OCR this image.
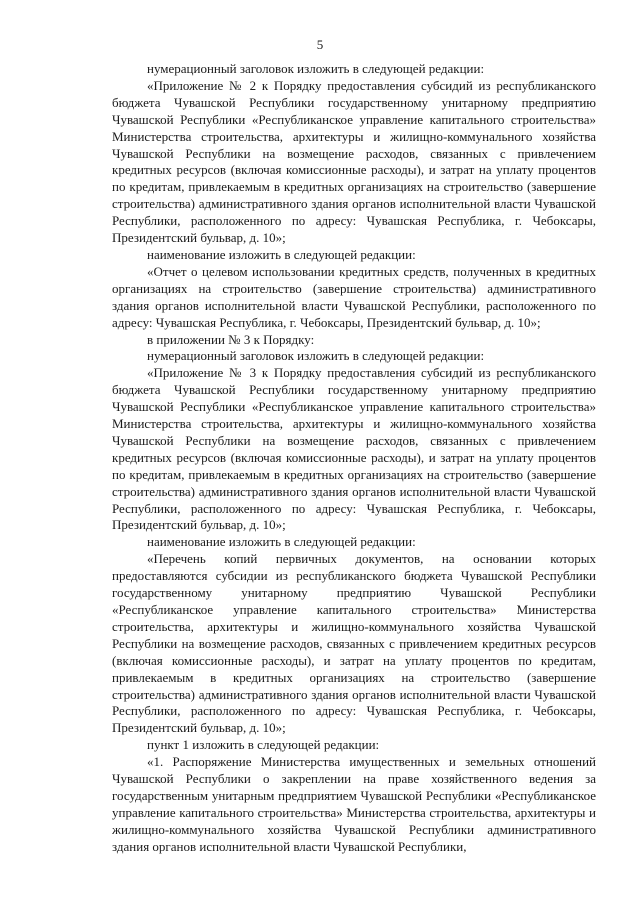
5

нумерационный заголовок изложить в следующей редакции:

«Приложение № 2 к Порядку предоставления субсидий из республиканского бюджета Чувашской Республики государственному унитарному предприятию Чувашской Республики «Республиканское управление капитального строительства» Министерства строительства, архитектуры и жилищно-коммунального хозяйства Чувашской Республики на возмещение расходов, связанных с привлечением кредитных ресурсов (включая комиссионные расходы), и затрат на уплату процентов по кредитам, привлекаемым в кредитных организациях на строительство (завершение строительства) административного здания органов исполнительной власти Чувашской Республики, расположенного по адресу: Чувашская Республика, г. Чебоксары, Президентский бульвар, д. 10»;

наименование изложить в следующей редакции:

«Отчет о целевом использовании кредитных средств, полученных в кредитных организациях на строительство (завершение строительства) административного здания органов исполнительной власти Чувашской Республики, расположенного по адресу: Чувашская Республика, г. Чебоксары, Президентский бульвар, д. 10»;

в приложении № 3 к Порядку:

нумерационный заголовок изложить в следующей редакции:

«Приложение № 3 к Порядку предоставления субсидий из республиканского бюджета Чувашской Республики государственному унитарному предприятию Чувашской Республики «Республиканское управление капитального строительства» Министерства строительства, архитектуры и жилищно-коммунального хозяйства Чувашской Республики на возмещение расходов, связанных с привлечением кредитных ресурсов (включая комиссионные расходы), и затрат на уплату процентов по кредитам, привлекаемым в кредитных организациях на строительство (завершение строительства) административного здания органов исполнительной власти Чувашской Республики, расположенного по адресу: Чувашская Республика, г. Чебоксары, Президентский бульвар, д. 10»;

наименование изложить в следующей редакции:

«Перечень копий первичных документов, на основании которых предоставляются субсидии из республиканского бюджета Чувашской Республики государственному унитарному предприятию Чувашской Республики «Республиканское управление капитального строительства» Министерства строительства, архитектуры и жилищно-коммунального хозяйства Чувашской Республики на возмещение расходов, связанных с привлечением кредитных ресурсов (включая комиссионные расходы), и затрат на уплату процентов по кредитам, привлекаемым в кредитных организациях на строительство (завершение строительства) административного здания органов исполнительной власти Чувашской Республики, расположенного по адресу: Чувашская Республика, г. Чебоксары, Президентский бульвар, д. 10»;

пункт 1 изложить в следующей редакции:

«1. Распоряжение Министерства имущественных и земельных отношений Чувашской Республики о закреплении на праве хозяйственного ведения за государственным унитарным предприятием Чувашской Республики «Республиканское управление капитального строительства» Министерства строительства, архитектуры и жилищно-коммунального хозяйства Чувашской Республики административного здания органов исполнительной власти Чувашской Республики,
